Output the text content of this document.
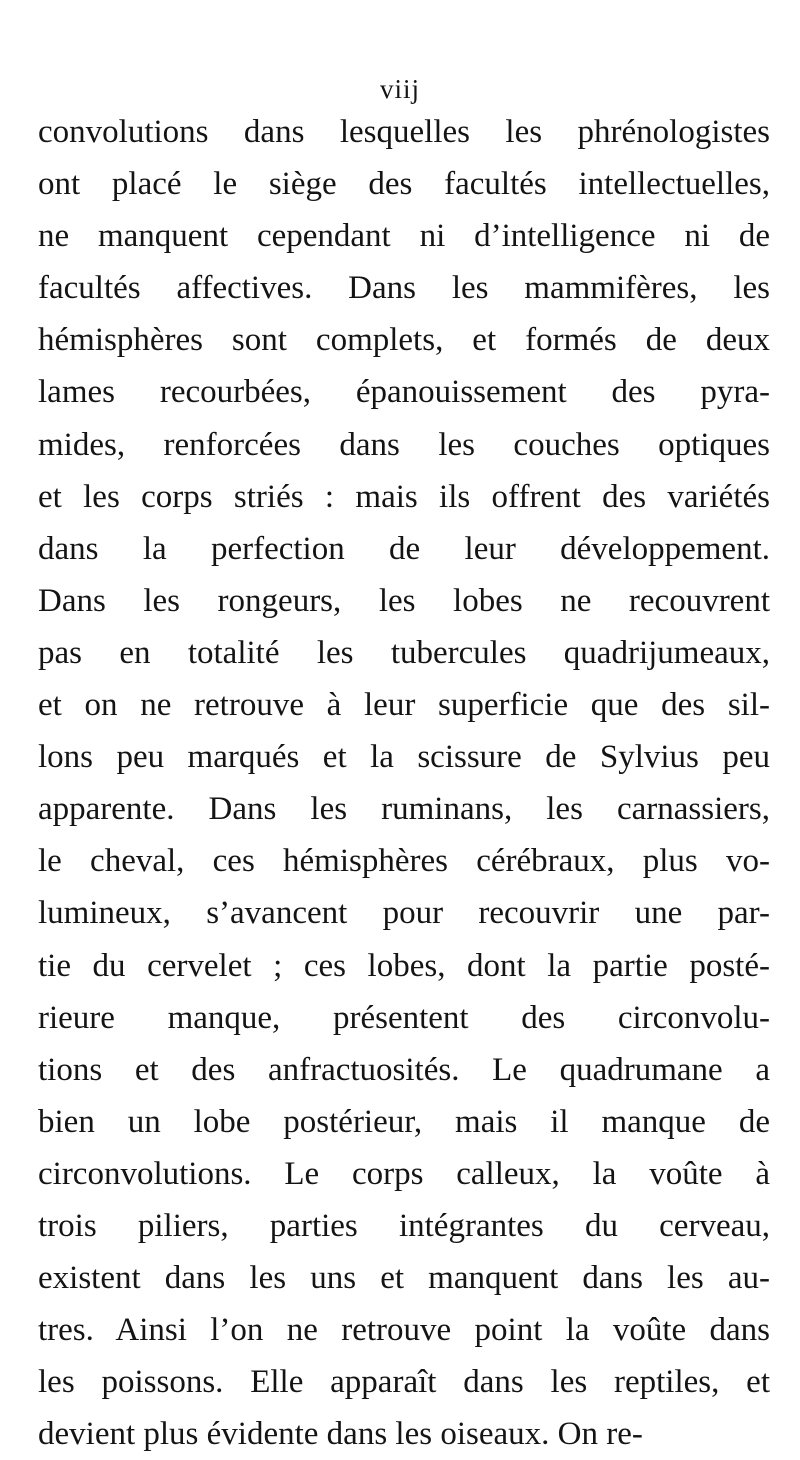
viij
convolutions dans lesquelles les phrénologistes
ont placé le siège des facultés intellectuelles,
ne manquent cependant ni d’intelligence ni de
facultés affectives. Dans les mammifères, les
hémisphères sont complets, et formés de deux
lames recourbées, épanouissement des pyra-
mides, renforcées dans les couches optiques
et les corps striés : mais ils offrent des variétés
dans la perfection de leur développement.
Dans les rongeurs, les lobes ne recouvrent
pas en totalité les tubercules quadrijumeaux,
et on ne retrouve à leur superficie que des sil-
lons peu marqués et la scissure de Sylvius peu
apparente. Dans les ruminans, les carnassiers,
le cheval, ces hémisphères cérébraux, plus vo-
lumineux, s’avancent pour recouvrir une par-
tie du cervelet ; ces lobes, dont la partie posté-
rieure manque, présentent des circonvolu-
tions et des anfractuosités. Le quadrumane a
bien un lobe postérieur, mais il manque de
circonvolutions. Le corps calleux, la voûte à
trois piliers, parties intégrantes du cerveau,
existent dans les uns et manquent dans les au-
tres. Ainsi l’on ne retrouve point la voûte dans
les poissons. Elle apparaît dans les reptiles, et
devient plus évidente dans les oiseaux. On re-
